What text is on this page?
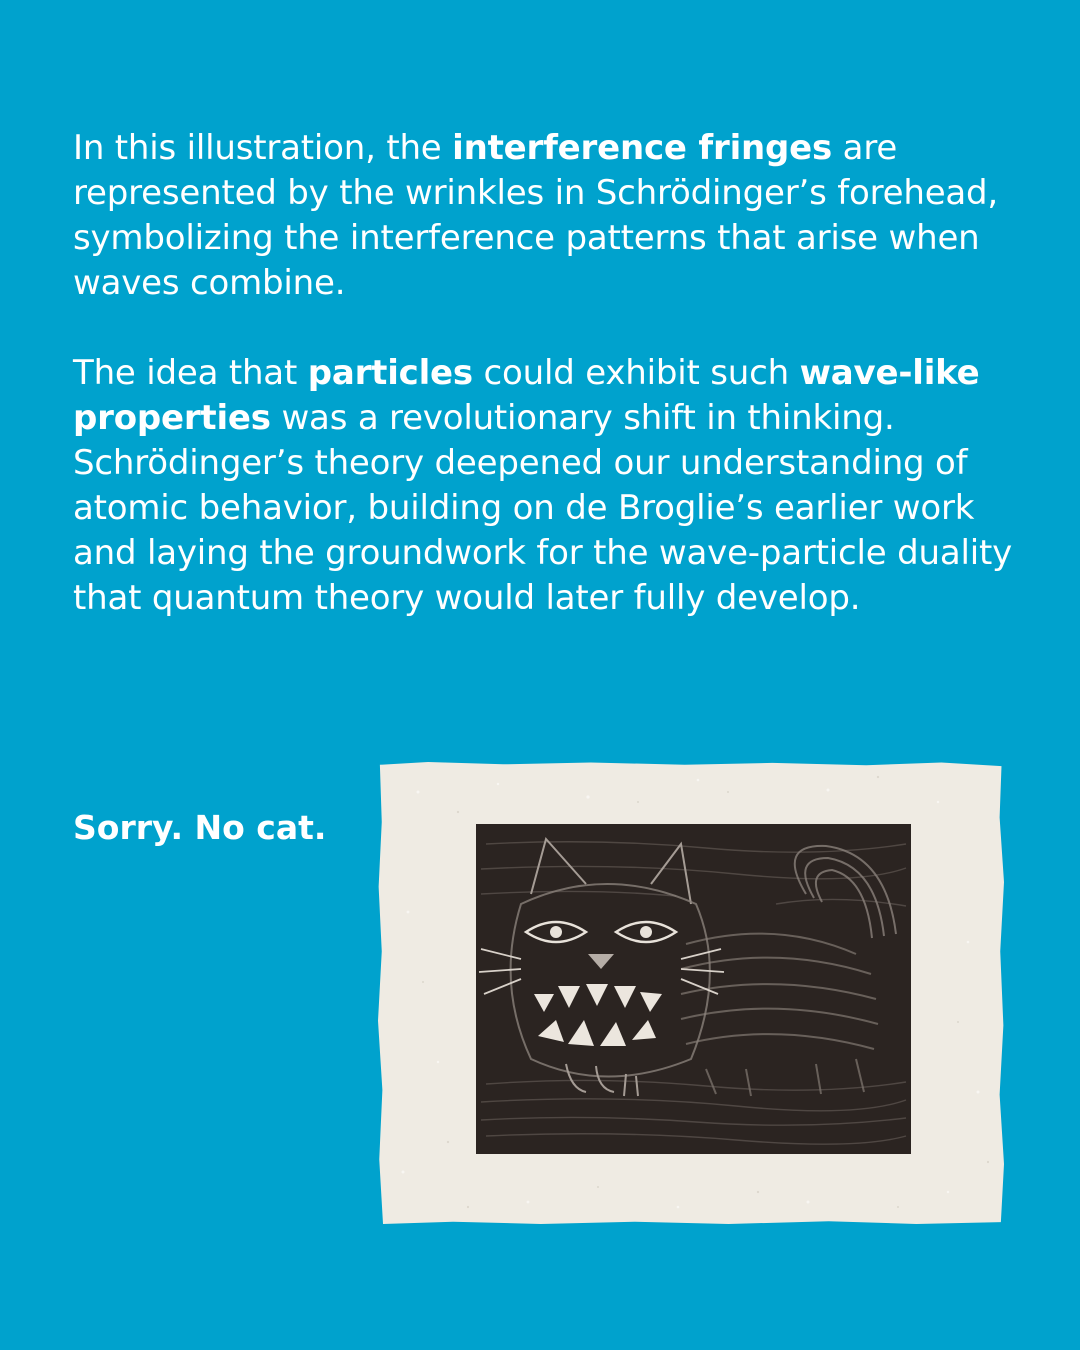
In this illustration, the interference fringes are represented by the wrinkles in Schrödinger’s forehead, symbolizing the interference patterns that arise when waves combine.

The idea that particles could exhibit such wave-like properties was a revolutionary shift in thinking. Schrödinger’s theory deepened our understanding of atomic behavior, building on de Broglie’s earlier work and laying the groundwork for the wave-particle duality that quantum theory would later fully develop.

Sorry. No cat.
